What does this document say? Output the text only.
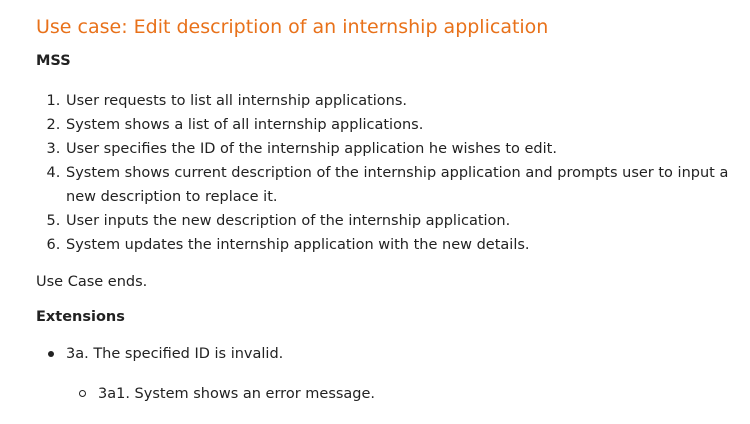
Use case: Edit description of an internship application
MSS
1. User requests to list all internship applications.
2. System shows a list of all internship applications.
3. User specifies the ID of the internship application he wishes to edit.
4. System shows current description of the internship application and prompts user to input a new description to replace it.
5. User inputs the new description of the internship application.
6. System updates the internship application with the new details.

Use Case ends.

Extensions
3a. The specified ID is invalid.
3a1. System shows an error message.
